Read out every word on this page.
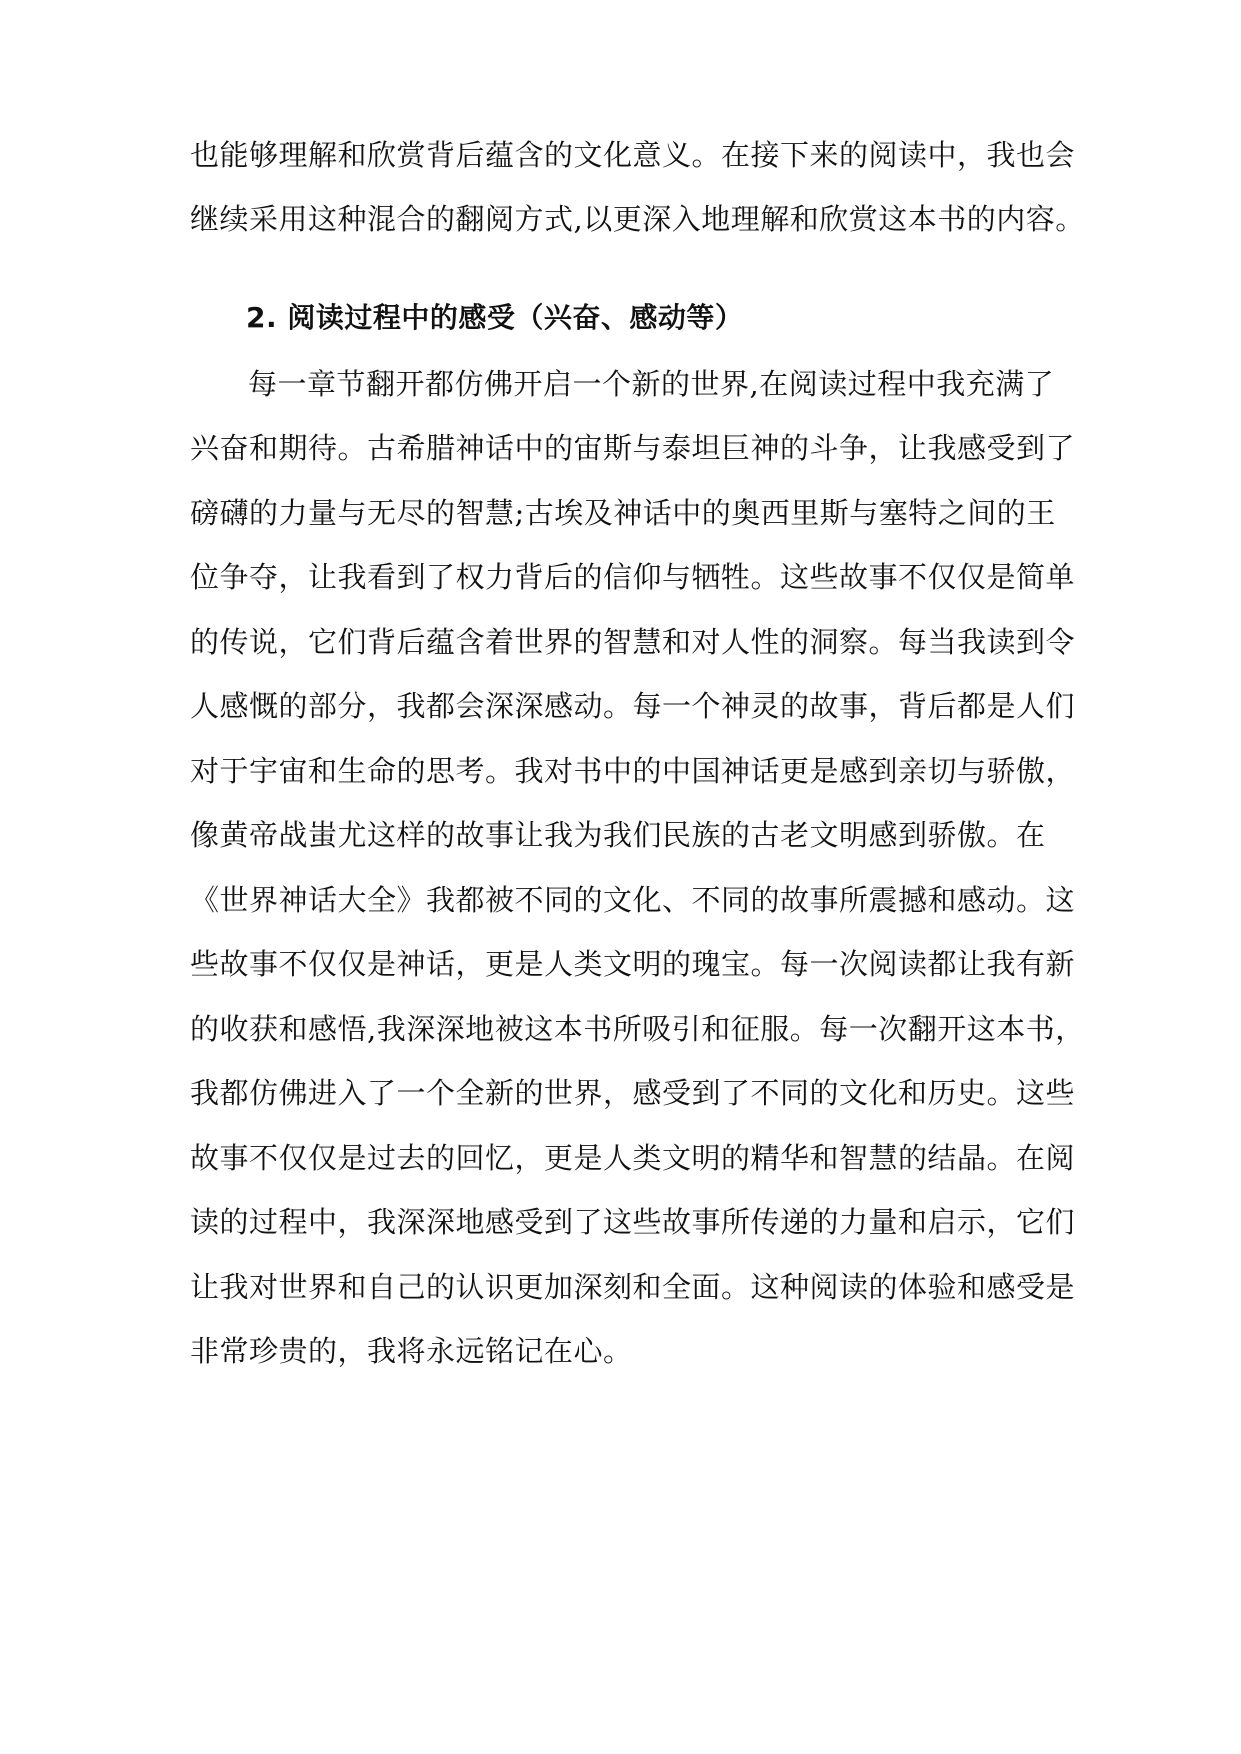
也能够理解和欣赏背后蕴含的文化意义。在接下来的阅读中，我也会
继续采用这种混合的翻阅方式,以更深入地理解和欣赏这本书的内容。
2. 阅读过程中的感受（兴奋、感动等）
每一章节翻开都仿佛开启一个新的世界,在阅读过程中我充满了
兴奋和期待。古希腊神话中的宙斯与泰坦巨神的斗争，让我感受到了
磅礴的力量与无尽的智慧;古埃及神话中的奥西里斯与塞特之间的王
位争夺，让我看到了权力背后的信仰与牺牲。这些故事不仅仅是简单
的传说，它们背后蕴含着世界的智慧和对人性的洞察。每当我读到令
人感慨的部分，我都会深深感动。每一个神灵的故事，背后都是人们
对于宇宙和生命的思考。我对书中的中国神话更是感到亲切与骄傲，
像黄帝战蚩尤这样的故事让我为我们民族的古老文明感到骄傲。在
《世界神话大全》我都被不同的文化、不同的故事所震撼和感动。这
些故事不仅仅是神话，更是人类文明的瑰宝。每一次阅读都让我有新
的收获和感悟,我深深地被这本书所吸引和征服。每一次翻开这本书，
我都仿佛进入了一个全新的世界，感受到了不同的文化和历史。这些
故事不仅仅是过去的回忆，更是人类文明的精华和智慧的结晶。在阅
读的过程中，我深深地感受到了这些故事所传递的力量和启示，它们
让我对世界和自己的认识更加深刻和全面。这种阅读的体验和感受是
非常珍贵的，我将永远铭记在心。
